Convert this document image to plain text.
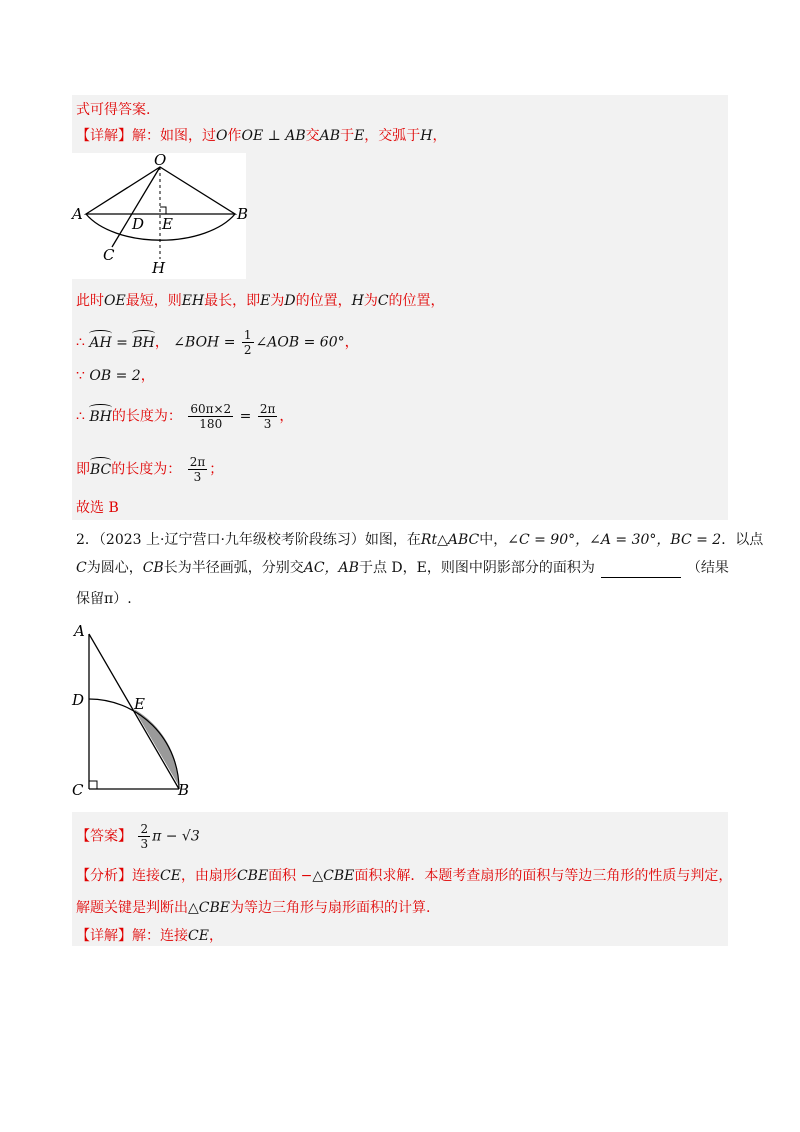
式可得答案.
【详解】解：如图，过O作OE ⊥ AB交AB于E，交弧于H，
O
A	B
D E
C
H
此时OE最短，则EH最长，即E为D的位置，H为C的位置，
∴ AH = BH， ∠BOH = $\frac{1}{2}$ ∠AOB = 60°，
∵ OB = 2，
∴ BH的长度为： $\frac{60\pi\times 2}{180} = \frac{2\pi}{3}$ ，
即BC的长度为： $\frac{2\pi}{3}$ ；
故选 B
2．（2023 上·辽宁营口·九年级校考阶段练习）如图，在Rt△ABC中，∠C = 90°，∠A = 30°，BC = 2．以点
C为圆心，CB长为半径画弧，分别交AC，AB于点 D，E，则图中阴影部分的面积为	（结果
保留π）.
A
D	E
C	B
【答案】 $\frac{2}{3}$ π − √3
【分析】连接CE，由扇形CBE面积 −△CBE面积求解．本题考查扇形的面积与等边三角形的性质与判定，
解题关键是判断出△CBE为等边三角形与扇形面积的计算.
【详解】解：连接CE，
